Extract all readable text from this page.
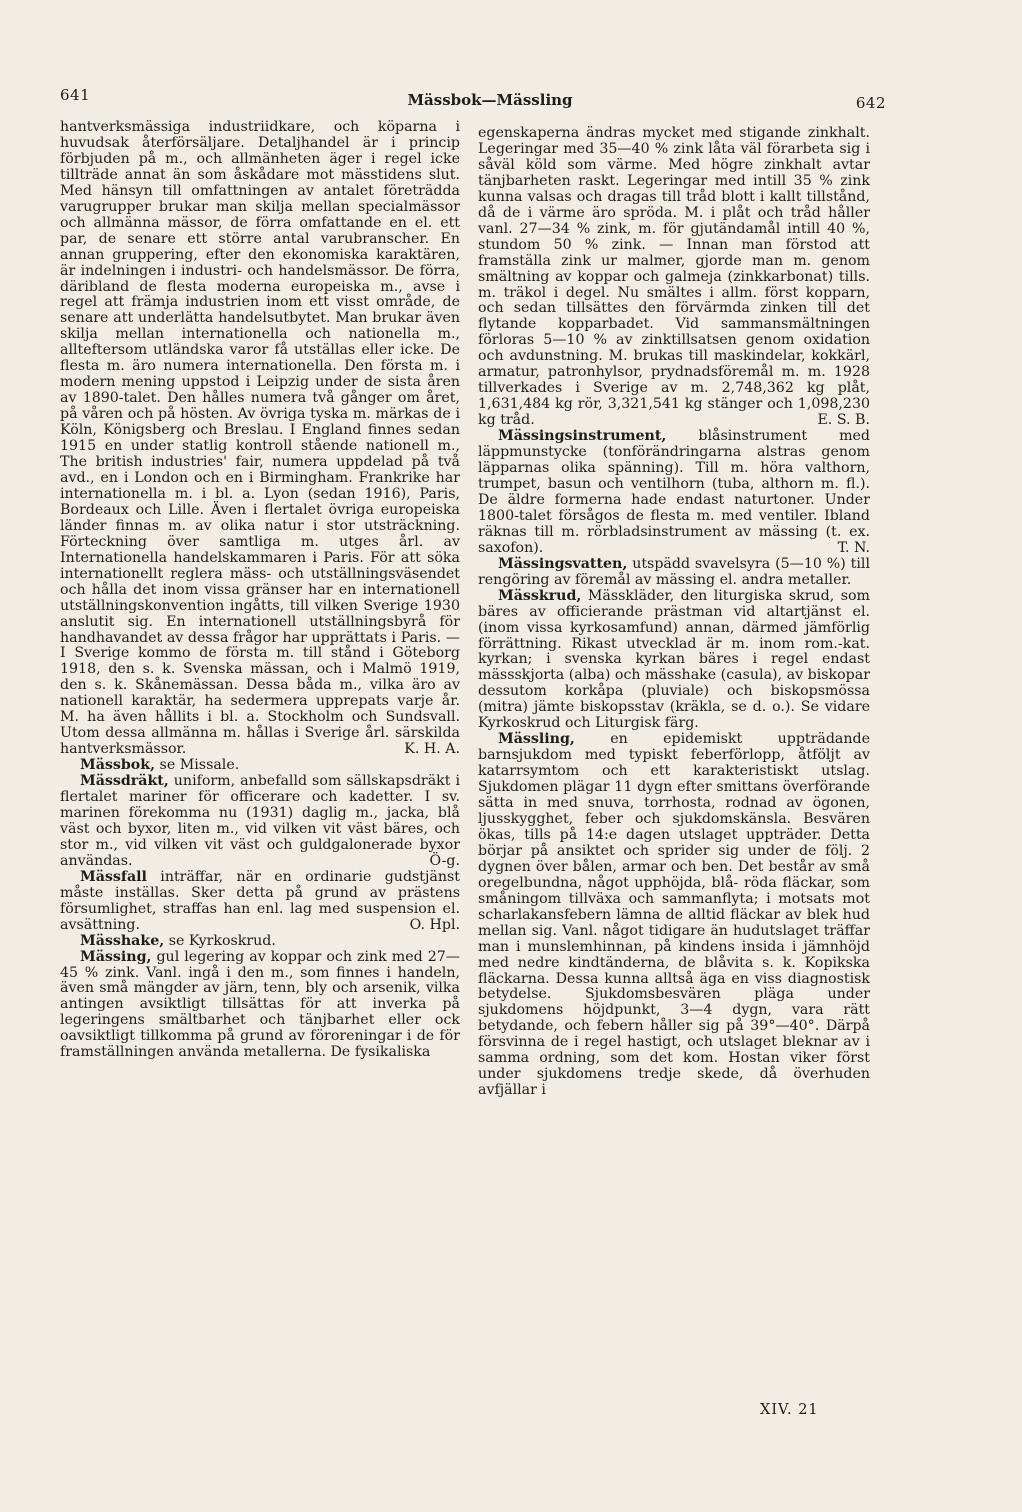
641	Mässbok—Mässling	642

hantverksmässiga industriidkare, och köparna i huvudsak återförsäljare. Detaljhandel är i princip förbjuden på m., och allmänheten äger i regel icke tillträde annat än som åskådare mot mässtidens slut. Med hänsyn till omfattningen av antalet företrädda varugrupper brukar man skilja mellan specialmässor och allmänna mässor, de förra omfattande en el. ett par, de senare ett större antal varubranscher. En annan gruppering, efter den ekonomiska karaktären, är indelningen i industri- och handelsmässor. De förra, däribland de flesta moderna europeiska m., avse i regel att främja industrien inom ett visst område, de senare att underlätta handelsutbytet. Man brukar även skilja mellan internationella och nationella m., allteftersom utländska varor få utställas eller icke. De flesta m. äro numera internationella. Den första m. i modern mening uppstod i Leipzig under de sista åren av 1890-talet. Den hålles numera två gånger om året, på våren och på hösten. Av övriga tyska m. märkas de i Köln, Königsberg och Breslau. I England finnes sedan 1915 en under statlig kontroll stående nationell m., The british industries' fair, numera uppdelad på två avd., en i London och en i Birmingham. Frankrike har internationella m. i bl. a. Lyon (sedan 1916), Paris, Bordeaux och Lille. Även i flertalet övriga europeiska länder finnas m. av olika natur i stor utsträckning. Förteckning över samtliga m. utges årl. av Internationella handelskammaren i Paris. För att söka internationellt reglera mäss- och utställningsväsendet och hålla det inom vissa gränser har en internationell utställningskonvention ingåtts, till vilken Sverige 1930 anslutit sig. En internationell utställningsbyrå för handhavandet av dessa frågor har upprättats i Paris. — I Sverige kommo de första m. till stånd i Göteborg 1918, den s. k. Svenska mässan, och i Malmö 1919, den s. k. Skånemässan. Dessa båda m., vilka äro av nationell karaktär, ha sedermera upprepats varje år. M. ha även hållits i bl. a. Stockholm och Sundsvall. Utom dessa allmänna m. hållas i Sverige årl. särskilda hantverksmässor.	K. H. A.

Mässbok, se Missale.

Mässdräkt, uniform, anbefalld som sällskapsdräkt i flertalet mariner för officerare och kadetter. I sv. marinen förekomma nu (1931) daglig m., jacka, blå väst och byxor, liten m., vid vilken vit väst bäres, och stor m., vid vilken vit väst och guldgalonerade byxor användas.	Ö-g.

Mässfall inträffar, när en ordinarie gudstjänst måste inställas. Sker detta på grund av prästens försumlighet, straffas han enl. lag med suspension el. avsättning.	O. Hpl.

Mässhake, se Kyrkoskrud.

Mässing, gul legering av koppar och zink med 27—45 % zink. Vanl. ingå i den m., som finnes i handeln, även små mängder av järn, tenn, bly och arsenik, vilka antingen avsiktligt tillsättas för att inverka på legeringens smältbarhet och tänjbarhet eller ock oavsiktligt tillkomma på grund av föroreningar i de för framställningen använda metallerna. De fysikaliska

egenskaperna ändras mycket med stigande zinkhalt. Legeringar med 35—40 % zink låta väl förarbeta sig i såväl köld som värme. Med högre zinkhalt avtar tänjbarheten raskt. Legeringar med intill 35 % zink kunna valsas och dragas till tråd blott i kallt tillstånd, då de i värme äro spröda. M. i plåt och tråd håller vanl. 27—34 % zink, m. för gjutändamål intill 40 %, stundom 50 % zink. — Innan man förstod att framställa zink ur malmer, gjorde man m. genom smältning av koppar och galmeja (zinkkarbonat) tills. m. träkol i degel. Nu smältes i allm. först kopparn, och sedan tillsättes den förvärmda zinken till det flytande kopparbadet. Vid sammansmältningen förloras 5—10 % av zinktillsatsen genom oxidation och avdunstning. M. brukas till maskindelar, kokkärl, armatur, patronhylsor, prydnadsföremål m. m. 1928 tillverkades i Sverige av m. 2,748,362 kg plåt, 1,631,484 kg rör, 3,321,541 kg stänger och 1,098,230 kg tråd.	E. S. B.

Mässingsinstrument, blåsinstrument med läppmunstycke (tonförändringarna alstras genom läpparnas olika spänning). Till m. höra valthorn, trumpet, basun och ventilhorn (tuba, althorn m. fl.). De äldre formerna hade endast naturtoner. Under 1800-talet försågos de flesta m. med ventiler. Ibland räknas till m. rörbladsinstrument av mässing (t. ex. saxofon).	T. N.

Mässingsvatten, utspädd svavelsyra (5—10 %) till rengöring av föremål av mässing el. andra metaller.

Mässkrud, Mässkläder, den liturgiska skrud, som bäres av officierande prästman vid altartjänst el. (inom vissa kyrkosamfund) annan, därmed jämförlig förrättning. Rikast utvecklad är m. inom rom.-kat. kyrkan; i svenska kyrkan bäres i regel endast mässskjorta (alba) och mässhake (casula), av biskopar dessutom korkåpa (pluviale) och biskopsmössa (mitra) jämte biskopsstav (kräkla, se d. o.). Se vidare Kyrkoskrud och Liturgisk färg.

Mässling, en epidemiskt uppträdande barnsjukdom med typiskt feberförlopp, åtföljt av katarrsymtom och ett karakteristiskt utslag. Sjukdomen plägar 11 dygn efter smittans överförande sätta in med snuva, torrhosta, rodnad av ögonen, ljusskygghet, feber och sjukdomskänsla. Besvären ökas, tills på 14:e dagen utslaget uppträder. Detta börjar på ansiktet och sprider sig under de följ. 2 dygnen över bålen, armar och ben. Det består av små oregelbundna, något upphöjda, blå- röda fläckar, som småningom tillväxa och sammanflyta; i motsats mot scharlakansfebern lämna de alltid fläckar av blek hud mellan sig. Vanl. något tidigare än hudutslaget träffar man i munslemhinnan, på kindens insida i jämnhöjd med nedre kindtänderna, de blåvita s. k. Kopikska fläckarna. Dessa kunna alltså äga en viss diagnostisk betydelse. Sjukdomsbesvären pläga under sjukdomens höjdpunkt, 3—4 dygn, vara rätt betydande, och febern håller sig på 39°—40°. Därpå försvinna de i regel hastigt, och utslaget bleknar av i samma ordning, som det kom. Hostan viker först under sjukdomens tredje skede, då överhuden avfjällar i

XIV. 21
